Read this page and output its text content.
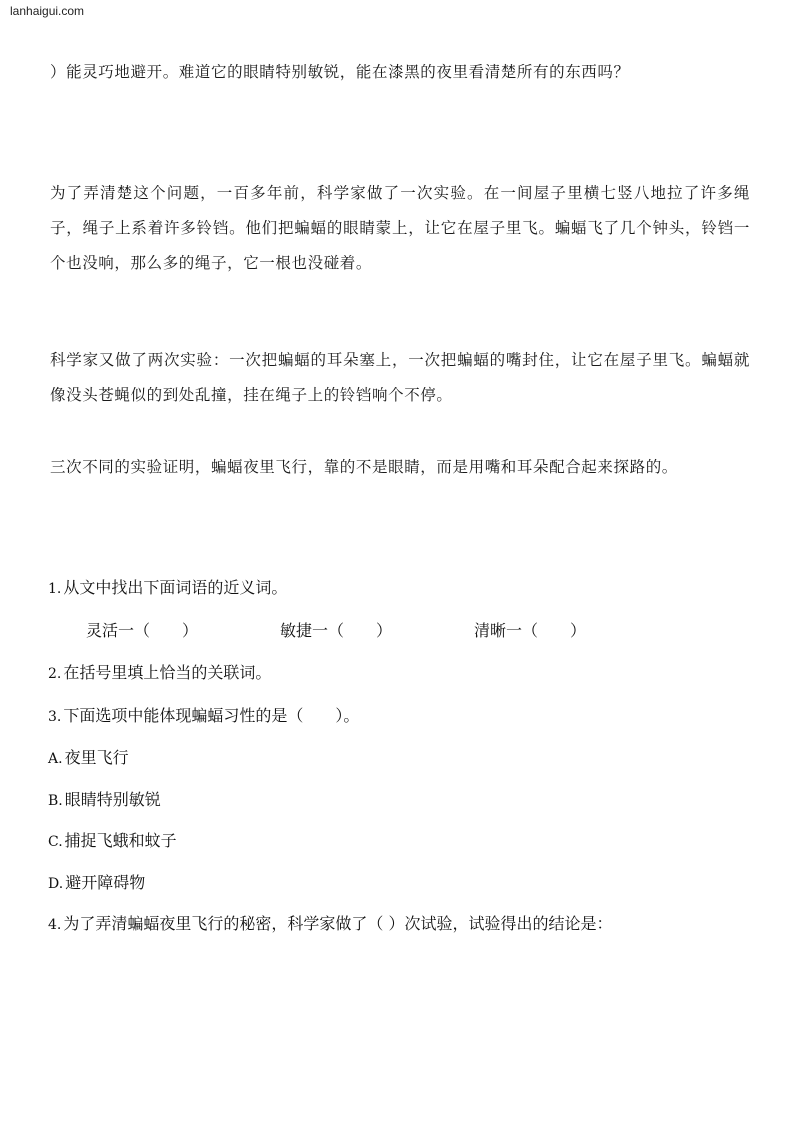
lanhaigui.com

）能灵巧地避开。难道它的眼睛特别敏锐，能在漆黑的夜里看清楚所有的东西吗？

为了弄清楚这个问题，一百多年前，科学家做了一次实验。在一间屋子里横七竖八地拉了许多绳子，绳子上系着许多铃铛。他们把蝙蝠的眼睛蒙上，让它在屋子里飞。蝙蝠飞了几个钟头，铃铛一个也没响，那么多的绳子，它一根也没碰着。

科学家又做了两次实验：一次把蝙蝠的耳朵塞上，一次把蝙蝠的嘴封住，让它在屋子里飞。蝙蝠就像没头苍蝇似的到处乱撞，挂在绳子上的铃铛响个不停。

三次不同的实验证明，蝙蝠夜里飞行，靠的不是眼睛，而是用嘴和耳朵配合起来探路的。

1. 从文中找出下面词语的近义词。
灵活一（　　）	敏捷一（　　）	清晰一（　　）
2. 在括号里填上恰当的关联词。
3. 下面选项中能体现蝙蝠习性的是（　　）。
A. 夜里飞行
B. 眼睛特别敏锐
C. 捕捉飞蛾和蚊子
D. 避开障碍物
4. 为了弄清蝙蝠夜里飞行的秘密，科学家做了（ ）次试验，试验得出的结论是：
